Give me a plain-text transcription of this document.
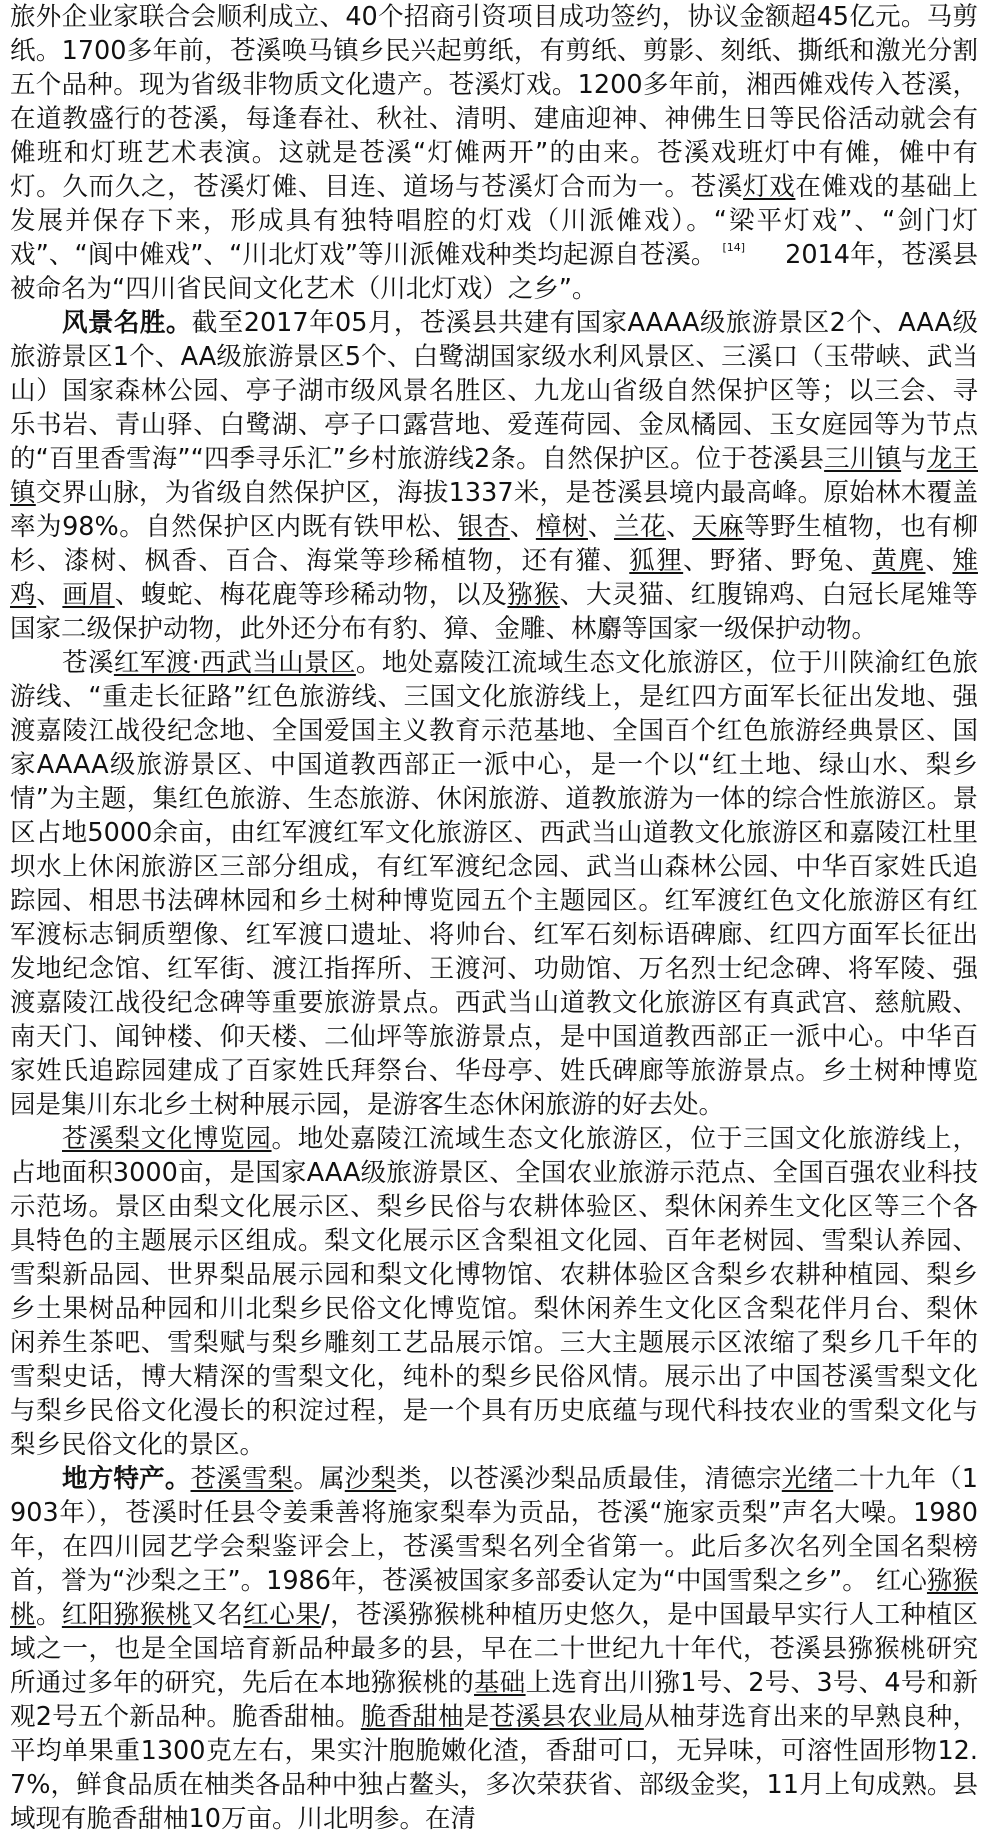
旅外企业家联合会顺利成立、40个招商引资项目成功签约，协议金额超45亿元。马剪纸。1700多年前，苍溪唤马镇乡民兴起剪纸，有剪纸、剪影、刻纸、撕纸和激光分割五个品种。现为省级非物质文化遗产。苍溪灯戏。1200多年前，湘西傩戏传入苍溪，在道教盛行的苍溪，每逢春社、秋社、清明、建庙迎神、神佛生日等民俗活动就会有傩班和灯班艺术表演。这就是苍溪“灯傩两开”的由来。苍溪戏班灯中有傩，傩中有灯。久而久之，苍溪灯傩、目连、道场与苍溪灯合而为一。苍溪灯戏在傩戏的基础上发展并保存下来，形成具有独特唱腔的灯戏（川派傩戏）。“梁平灯戏”、“剑门灯戏”、“阆中傩戏”、“川北灯戏”等川派傩戏种类均起源自苍溪。 [14] 2014年，苍溪县被命名为“四川省民间文化艺术（川北灯戏）之乡”。

风景名胜。截至2017年05月，苍溪县共建有国家AAAA级旅游景区2个、AAA级旅游景区1个、AA级旅游景区5个、白鹭湖国家级水利风景区、三溪口（玉带峡、武当山）国家森林公园、亭子湖市级风景名胜区、九龙山省级自然保护区等；以三会、寻乐书岩、青山驿、白鹭湖、亭子口露营地、爱莲荷园、金凤橘园、玉女庭园等为节点的“百里香雪海”“四季寻乐汇”乡村旅游线2条。自然保护区。位于苍溪县三川镇与龙王镇交界山脉，为省级自然保护区，海拔1337米，是苍溪县境内最高峰。原始林木覆盖率为98%。自然保护区内既有铁甲松、银杏、樟树、兰花、天麻等野生植物，也有柳杉、漆树、枫香、百合、海棠等珍稀植物，还有獾、狐狸、野猪、野兔、黄麂、雉鸡、画眉、蝮蛇、梅花鹿等珍稀动物，以及猕猴、大灵猫、红腹锦鸡、白冠长尾雉等国家二级保护动物，此外还分布有豹、獐、金雕、林麝等国家一级保护动物。

苍溪红军渡·西武当山景区。地处嘉陵江流域生态文化旅游区，位于川陕渝红色旅游线、“重走长征路”红色旅游线、三国文化旅游线上，是红四方面军长征出发地、强渡嘉陵江战役纪念地、全国爱国主义教育示范基地、全国百个红色旅游经典景区、国家AAAA级旅游景区、中国道教西部正一派中心，是一个以“红土地、绿山水、梨乡情”为主题，集红色旅游、生态旅游、休闲旅游、道教旅游为一体的综合性旅游区。景区占地5000余亩，由红军渡红军文化旅游区、西武当山道教文化旅游区和嘉陵江杜里坝水上休闲旅游区三部分组成，有红军渡纪念园、武当山森林公园、中华百家姓氏追踪园、相思书法碑林园和乡土树种博览园五个主题园区。红军渡红色文化旅游区有红军渡标志铜质塑像、红军渡口遗址、将帅台、红军石刻标语碑廊、红四方面军长征出发地纪念馆、红军街、渡江指挥所、王渡河、功勋馆、万名烈士纪念碑、将军陵、强渡嘉陵江战役纪念碑等重要旅游景点。西武当山道教文化旅游区有真武宫、慈航殿、南天门、闻钟楼、仰天楼、二仙坪等旅游景点，是中国道教西部正一派中心。中华百家姓氏追踪园建成了百家姓氏拜祭台、华母亭、姓氏碑廊等旅游景点。乡土树种博览园是集川东北乡土树种展示园，是游客生态休闲旅游的好去处。

苍溪梨文化博览园。地处嘉陵江流域生态文化旅游区，位于三国文化旅游线上，占地面积3000亩，是国家AAA级旅游景区、全国农业旅游示范点、全国百强农业科技示范场。景区由梨文化展示区、梨乡民俗与农耕体验区、梨休闲养生文化区等三个各具特色的主题展示区组成。梨文化展示区含梨祖文化园、百年老树园、雪梨认养园、雪梨新品园、世界梨品展示园和梨文化博物馆、农耕体验区含梨乡农耕种植园、梨乡乡土果树品种园和川北梨乡民俗文化博览馆。梨休闲养生文化区含梨花伴月台、梨休闲养生茶吧、雪梨赋与梨乡雕刻工艺品展示馆。三大主题展示区浓缩了梨乡几千年的雪梨史话，博大精深的雪梨文化，纯朴的梨乡民俗风情。展示出了中国苍溪雪梨文化与梨乡民俗文化漫长的积淀过程，是一个具有历史底蕴与现代科技农业的雪梨文化与梨乡民俗文化的景区。

地方特产。苍溪雪梨。属沙梨类，以苍溪沙梨品质最佳，清德宗光绪二十九年（1903年），苍溪时任县令姜秉善将施家梨奉为贡品，苍溪“施家贡梨”声名大噪。1980年，在四川园艺学会梨鉴评会上，苍溪雪梨名列全省第一。此后多次名列全国名梨榜首，誉为“沙梨之王”。1986年，苍溪被国家多部委认定为“中国雪梨之乡”。 红心猕猴桃。红阳猕猴桃又名红心果/，苍溪猕猴桃种植历史悠久，是中国最早实行人工种植区域之一，也是全国培育新品种最多的县，早在二十世纪九十年代，苍溪县猕猴桃研究所通过多年的研究，先后在本地猕猴桃的基础上选育出川猕1号、2号、3号、4号和新观2号五个新品种。脆香甜柚。脆香甜柚是苍溪县农业局从柚芽选育出来的早熟良种，平均单果重1300克左右，果实汁胞脆嫩化渣，香甜可口，无异味，可溶性固形物12.7%，鲜食品质在柚类各品种中独占鳌头，多次荣获省、部级金奖，11月上旬成熟。县域现有脆香甜柚10万亩。川北明参。在清
